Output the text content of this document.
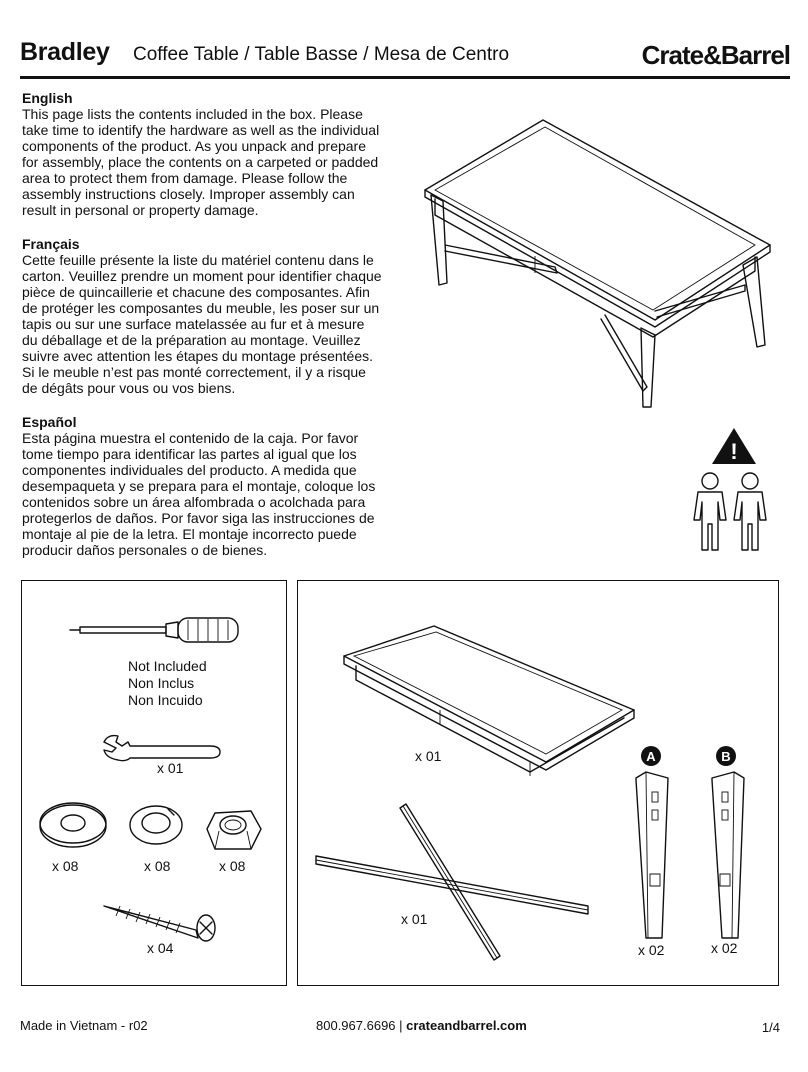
Bradley Coffee Table / Table Basse / Mesa de Centro	Crate&Barrel
English

This page lists the contents included in the box. Please take time to identify the hardware as well as the individual components of the product. As you unpack and prepare for assembly, place the contents on a carpeted or padded area to protect them from damage. Please follow the assembly instructions closely. Improper assembly can result in personal or property damage.

Français

Cette feuille présente la liste du matériel contenu dans le carton. Veuillez prendre un moment pour identifier chaque pièce de quincaillerie et chacune des composantes. Afin de protéger les composantes du meuble, les poser sur un tapis ou sur une surface matelassée au fur et à mesure du déballage et de la préparation au montage. Veuillez suivre avec attention les étapes du montage présentées. Si le meuble n’est pas monté correctement, il y a risque de dégâts pour vous ou vos biens.

Español

Esta página muestra el contenido de la caja. Por favor tome tiempo para identificar las partes al igual que los componentes individuales del producto. A medida que desempaqueta y se prepara para el montaje, coloque los contenidos sobre un área alfombrada o acolchada para protegerlos de daños. Por favor siga las instrucciones de montaje al pie de la letra. El montaje incorrecto puede producir daños personales o de bienes.

!
Not Included
Non Inclus
Non Incuido
x 01
x 08	x 08	x 08
x 04
x 01
x 01
A
x 02
B
x 02
Made in Vietnam - r02	800.967.6696 | crateandbarrel.com	1/4
